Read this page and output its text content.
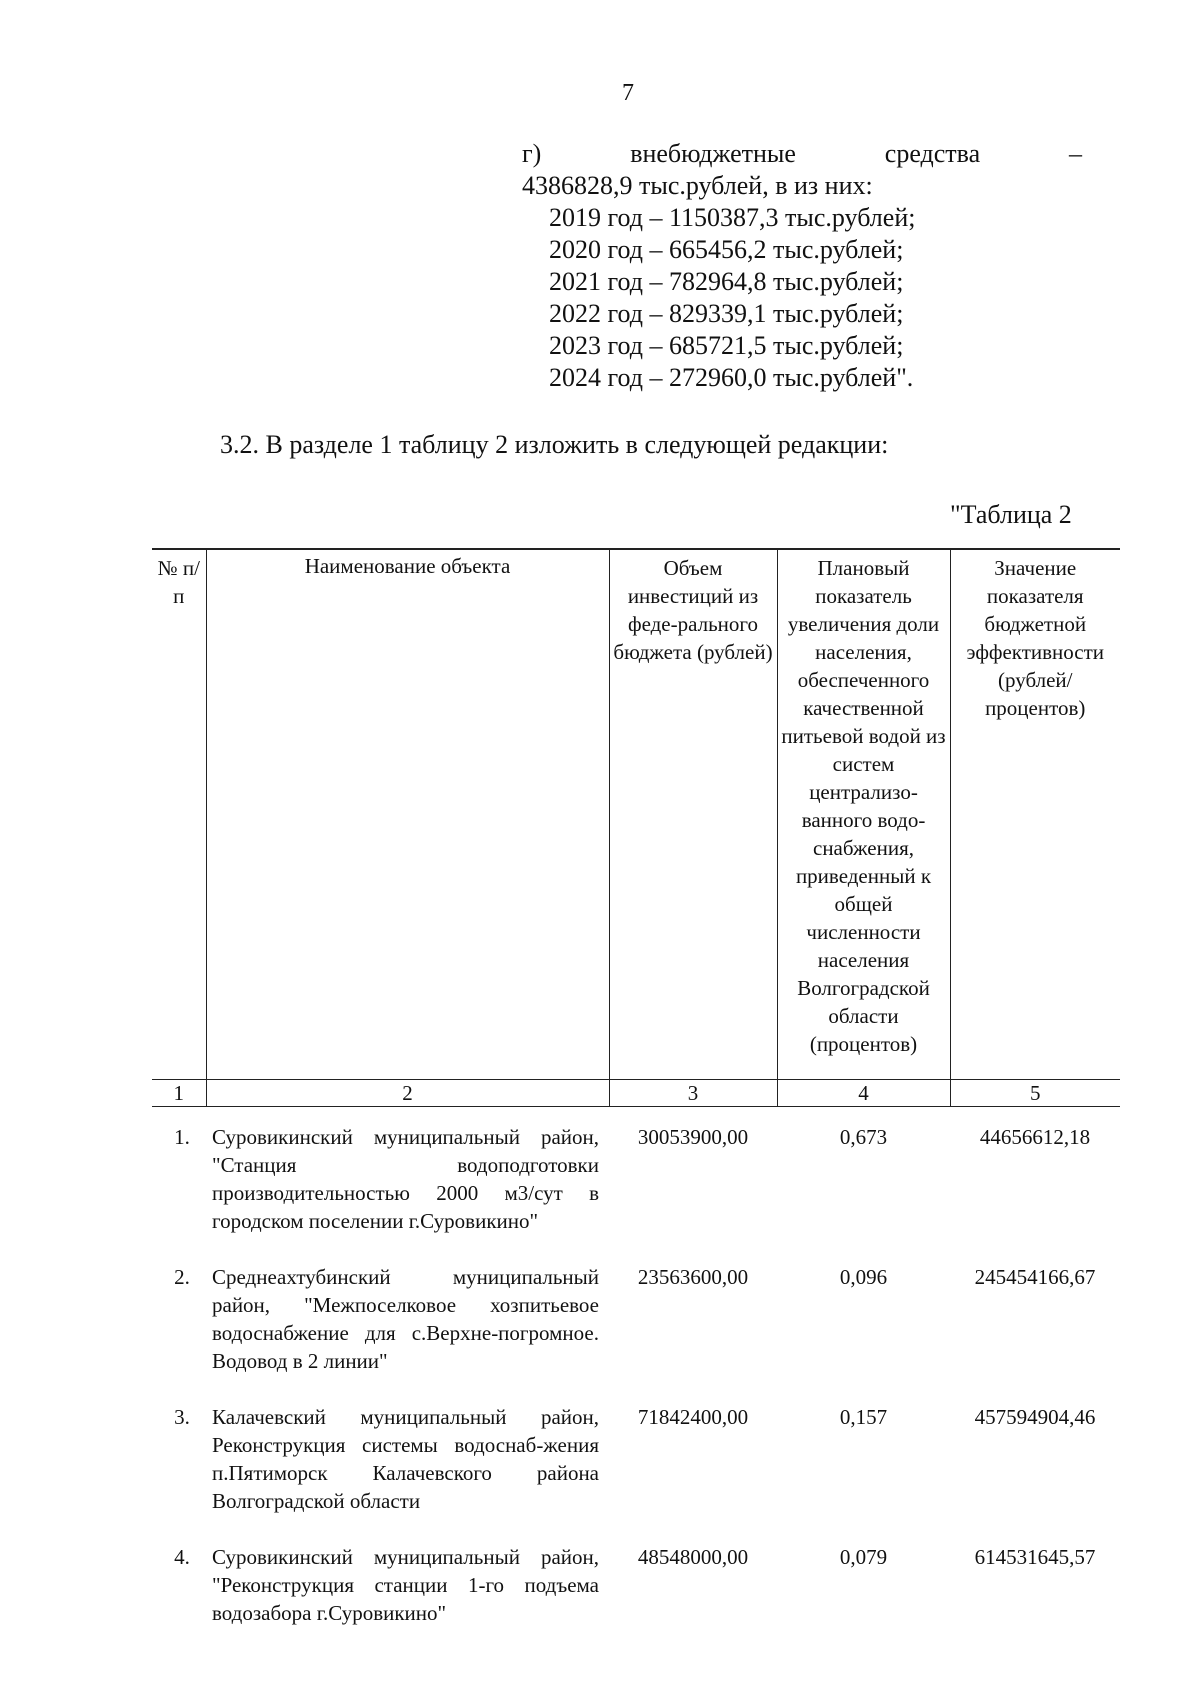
7
г)	внебюджетные	средства	–
4386828,9 тыс.рублей, в из них:
2019 год – 1150387,3 тыс.рублей;
2020 год – 665456,2 тыс.рублей;
2021 год – 782964,8 тыс.рублей;
2022 год – 829339,1 тыс.рублей;
2023 год – 685721,5 тыс.рублей;
2024 год – 272960,0 тыс.рублей".
3.2. В разделе 1 таблицу 2 изложить в следующей редакции:
"Таблица 2
№ п/п	Наименование объекта	Объем инвестиций из феде-рального бюджета (рублей)	Плановый показатель увеличения доли населения, обеспеченного качественной питьевой водой из систем централизо-ванного водо-снабжения, приведенный к общей численности населения Волгоградской области (процентов)	Значение показателя бюджетной эффективности (рублей/ процентов)
1	2	3	4	5
1.	Суровикинский муниципальный район, "Станция водоподготовки производительностью 2000 м3/сут в городском поселении г.Суровикино"	30053900,00	0,673	44656612,18
2.	Среднеахтубинский муниципальный район, "Межпоселковое хозпитьевое водоснабжение для с.Верхне-погромное. Водовод в 2 линии"	23563600,00	0,096	245454166,67
3.	Калачевский муниципальный район, Реконструкция системы водоснаб-жения п.Пятиморск Калачевского района Волгоградской области	71842400,00	0,157	457594904,46
4.	Суровикинский муниципальный район, "Реконструкция станции 1-го подъема водозабора г.Суровикино"	48548000,00	0,079	614531645,57
